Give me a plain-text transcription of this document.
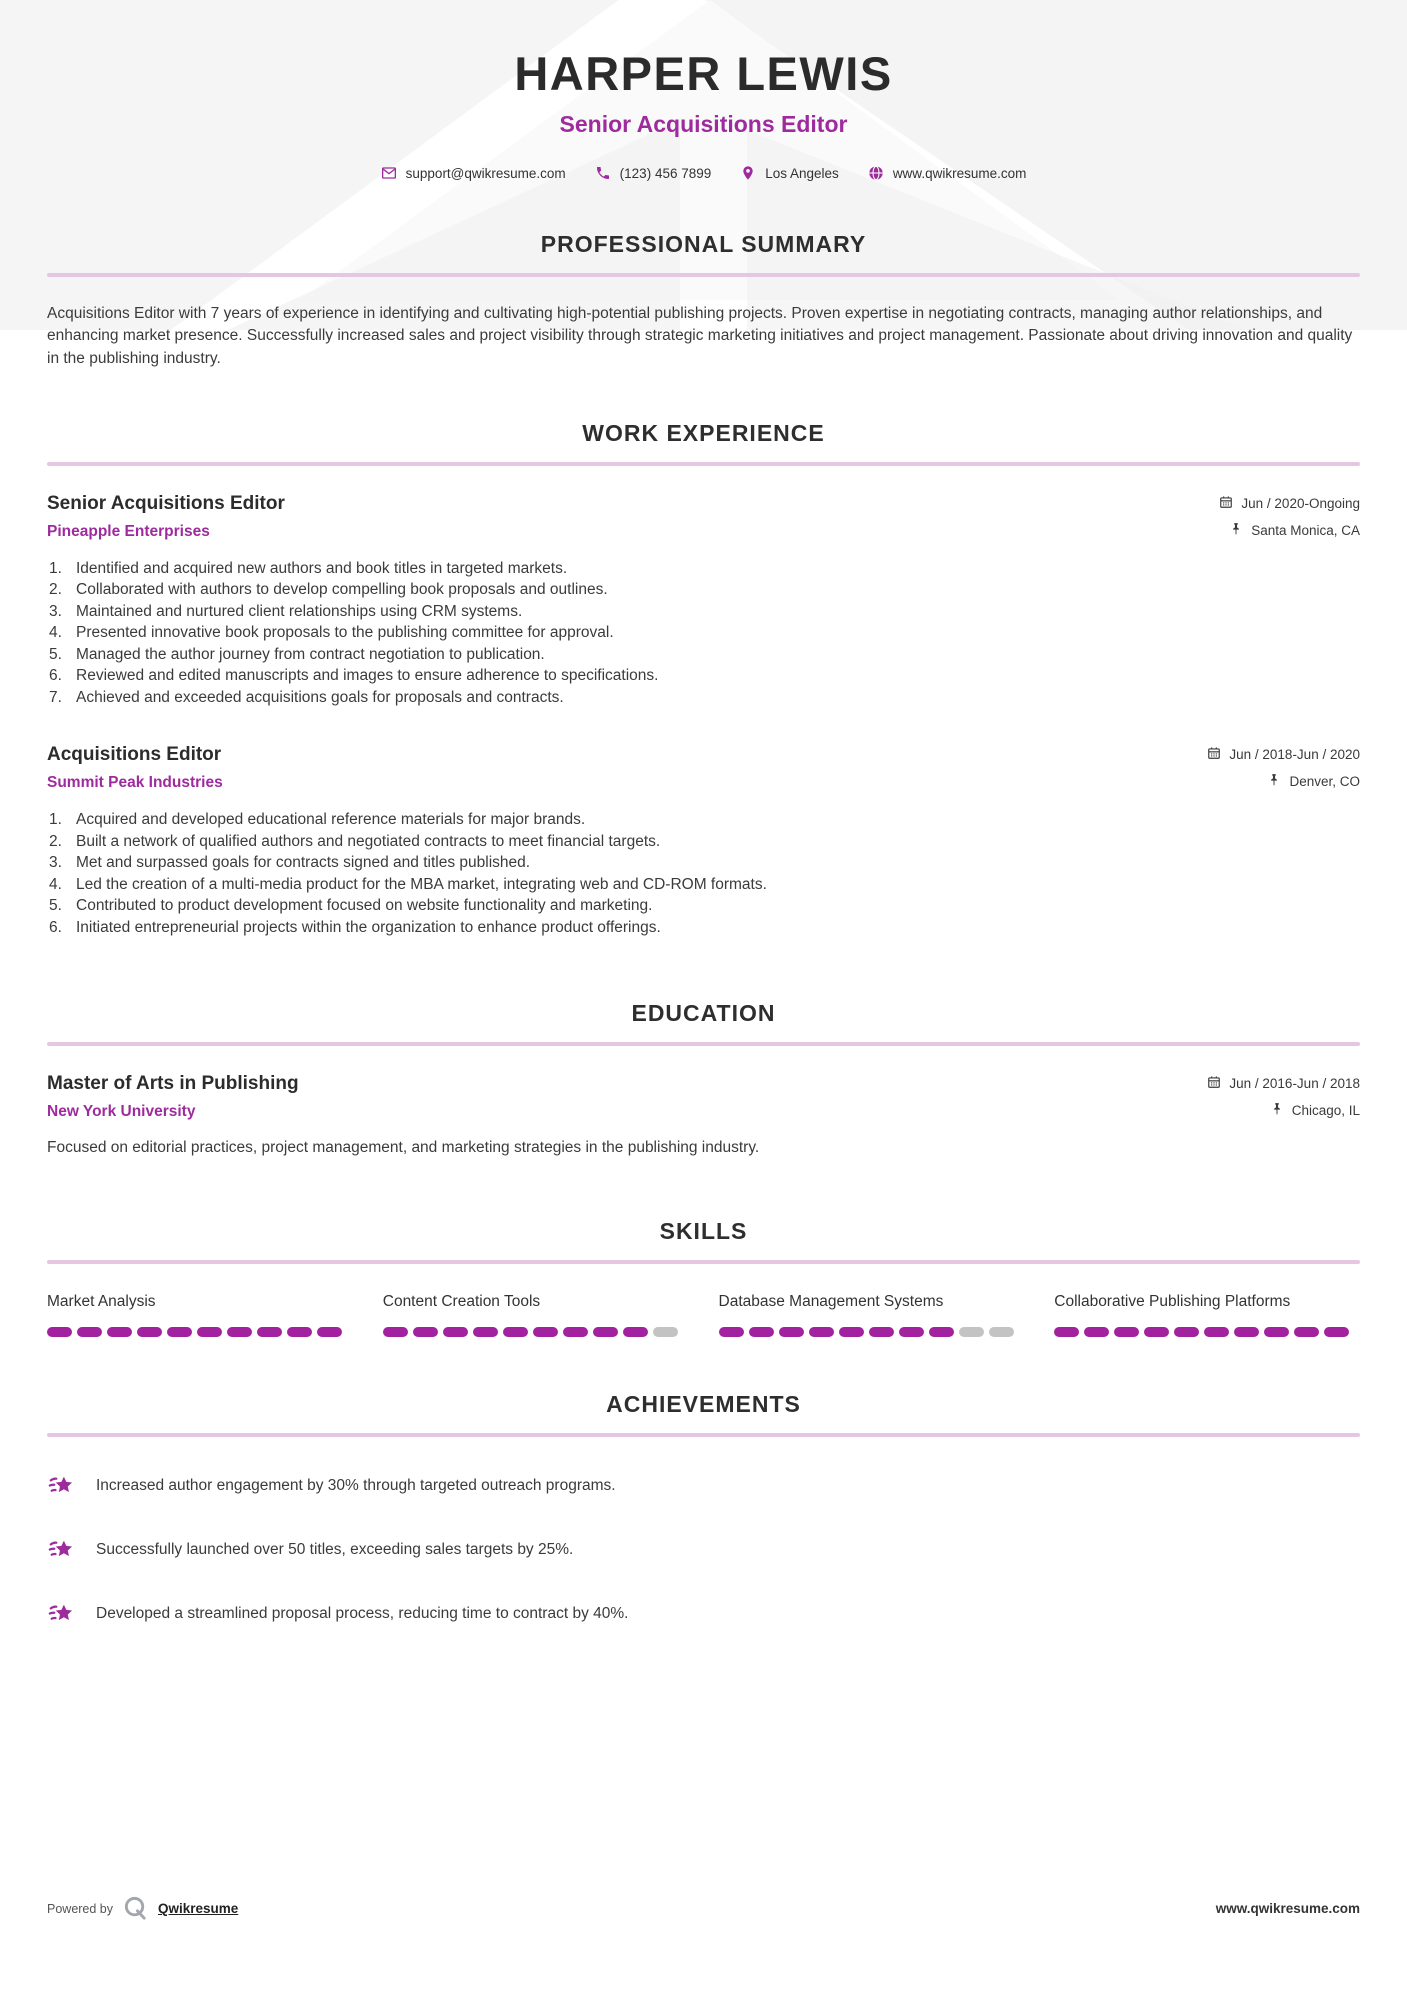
HARPER LEWIS
Senior Acquisitions Editor
support@qwikresume.com	(123) 456 7899	Los Angeles	www.qwikresume.com
PROFESSIONAL SUMMARY

Acquisitions Editor with 7 years of experience in identifying and cultivating high-potential publishing projects. Proven expertise in negotiating contracts, managing author relationships, and enhancing market presence. Successfully increased sales and project visibility through strategic marketing initiatives and project management. Passionate about driving innovation and quality in the publishing industry.

WORK EXPERIENCE
Senior Acquisitions Editor	Jun / 2020-Ongoing
Pineapple Enterprises	Santa Monica, CA
Identified and acquired new authors and book titles in targeted markets.
Collaborated with authors to develop compelling book proposals and outlines.
Maintained and nurtured client relationships using CRM systems.
Presented innovative book proposals to the publishing committee for approval.
Managed the author journey from contract negotiation to publication.
Reviewed and edited manuscripts and images to ensure adherence to specifications.
Achieved and exceeded acquisitions goals for proposals and contracts.
Acquisitions Editor	Jun / 2018-Jun / 2020
Summit Peak Industries	Denver, CO
Acquired and developed educational reference materials for major brands.
Built a network of qualified authors and negotiated contracts to meet financial targets.
Met and surpassed goals for contracts signed and titles published.
Led the creation of a multi-media product for the MBA market, integrating web and CD-ROM formats.
Contributed to product development focused on website functionality and marketing.
Initiated entrepreneurial projects within the organization to enhance product offerings.
EDUCATION
Master of Arts in Publishing	Jun / 2016-Jun / 2018
New York University	Chicago, IL

Focused on editorial practices, project management, and marketing strategies in the publishing industry.

SKILLS
Market Analysis	Content Creation Tools	Database Management Systems	Collaborative Publishing Platforms
ACHIEVEMENTS
Increased author engagement by 30% through targeted outreach programs.
Successfully launched over 50 titles, exceeding sales targets by 25%.
Developed a streamlined proposal process, reducing time to contract by 40%.
Powered by	Qwikresume	www.qwikresume.com
